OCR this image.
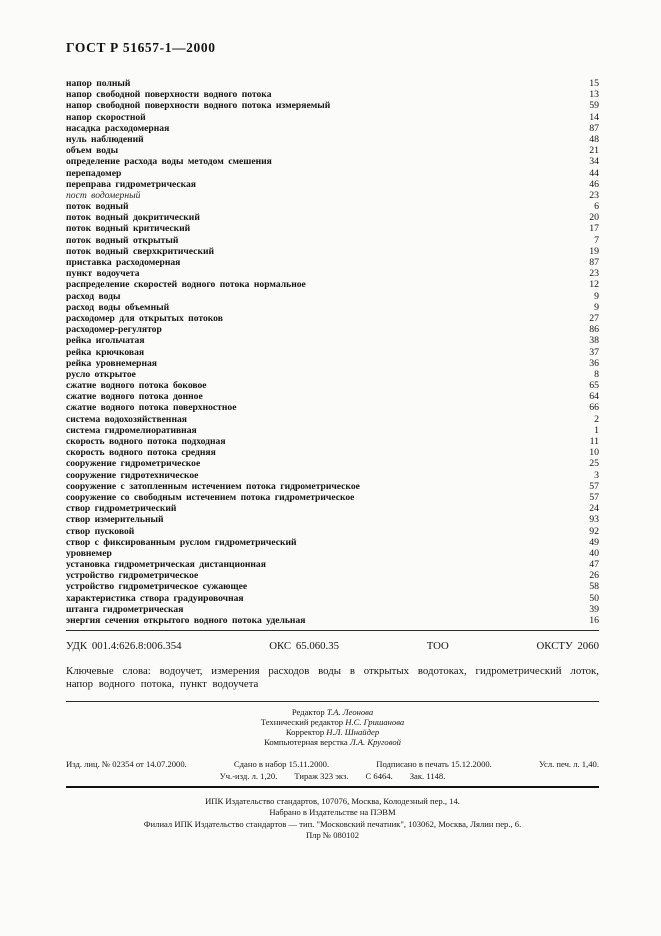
ГОСТ Р 51657-1—2000
напор полный	15
напор свободной поверхности водного потока	13
напор свободной поверхности водного потока измеряемый	59
напор скоростной	14
насадка расходомерная	87
нуль наблюдений	48
объем воды	21
определение расхода воды методом смешения	34
перепадомер	44
переправа гидрометрическая	46
пост водомерный	23
поток водный	6
поток водный докритический	20
поток водный критический	17
поток водный открытый	7
поток водный сверхкритический	19
приставка расходомерная	87
пункт водоучета	23
распределение скоростей водного потока нормальное	12
расход воды	9
расход воды объемный	9
расходомер для открытых потоков	27
расходомер-регулятор	86
рейка игольчатая	38
рейка крючковая	37
рейка уровнемерная	36
русло открытое	8
сжатие водного потока боковое	65
сжатие водного потока донное	64
сжатие водного потока поверхностное	66
система водохозяйственная	2
система гидромелиоративная	1
скорость водного потока подходная	11
скорость водного потока средняя	10
сооружение гидрометрическое	25
сооружение гидротехническое	3
сооружение с затопленным истечением потока гидрометрическое	57
сооружение со свободным истечением потока гидрометрическое	57
створ гидрометрический	24
створ измерительный	93
створ пусковой	92
створ с фиксированным руслом гидрометрический	49
уровнемер	40
установка гидрометрическая дистанционная	47
устройство гидрометрическое	26
устройство гидрометрическое сужающее	58
характеристика створа градуировочная	50
штанга гидрометрическая	39
энергия сечения открытого водного потока удельная	16
УДК 001.4:626.8:006.354	ОКС 65.060.35	ТОО	ОКСТУ 2060

Ключевые слова: водоучет, измерения расходов воды в открытых водотоках, гидрометрический лоток, напор водного потока, пункт водоучета

Редактор Т.А. Леонова
Технический редактор Н.С. Гришанова
Корректор Н.Л. Шнайдер
Компьютерная верстка Л.А. Круговой
Изд. лиц. № 02354 от 14.07.2000.	Сдано в набор 15.11.2000.	Подписано в печать 15.12.2000.	Усл. печ. л. 1,40.
Уч.-изд. л. 1,20. Тираж 323 экз. С 6464. Зак. 1148.
ИПК Издательство стандартов, 107076, Москва, Колодезный пер., 14.
Набрано в Издательстве на ПЭВМ
Филиал ИПК Издательство стандартов — тип. "Московский печатник", 103062, Москва, Лялин пер., 6.
Плр № 080102
